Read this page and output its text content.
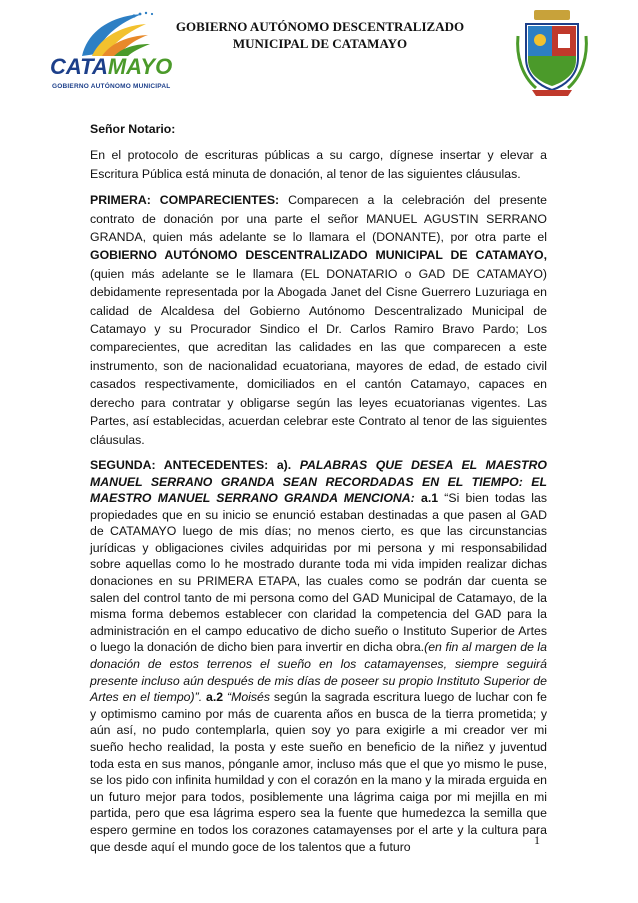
CATAMAYO
GOBIERNO AUTÓNOMO MUNICIPAL
GOBIERNO AUTÓNOMO DESCENTRALIZADO
MUNICIPAL DE CATAMAYO

Señor Notario:

En el protocolo de escrituras públicas a su cargo, dígnese insertar y elevar a Escritura Pública está minuta de donación, al tenor de las siguientes cláusulas.

PRIMERA: COMPARECIENTES: Comparecen a la celebración del presente contrato de donación por una parte el señor MANUEL AGUSTIN SERRANO GRANDA, quien más adelante se lo llamara el (DONANTE), por otra parte el GOBIERNO AUTÓNOMO DESCENTRALIZADO MUNICIPAL DE CATAMAYO, (quien más adelante se le llamara (EL DONATARIO o GAD DE CATAMAYO) debidamente representada por la Abogada Janet del Cisne Guerrero Luzuriaga en calidad de Alcaldesa del Gobierno Autónomo Descentralizado Municipal de Catamayo y su Procurador Sindico el Dr. Carlos Ramiro Bravo Pardo; Los comparecientes, que acreditan las calidades en las que comparecen a este instrumento, son de nacionalidad ecuatoriana, mayores de edad, de estado civil casados respectivamente, domiciliados en el cantón Catamayo, capaces en derecho para contratar y obligarse según las leyes ecuatorianas vigentes. Las Partes, así establecidas, acuerdan celebrar este Contrato al tenor de las siguientes cláusulas.

SEGUNDA: ANTECEDENTES: a). PALABRAS QUE DESEA EL MAESTRO MANUEL SERRANO GRANDA SEAN RECORDADAS EN EL TIEMPO: EL MAESTRO MANUEL SERRANO GRANDA MENCIONA: a.1 “Si bien todas las propiedades que en su inicio se enunció estaban destinadas a que pasen al GAD de CATAMAYO luego de mis días; no menos cierto, es que las circunstancias jurídicas y obligaciones civiles adquiridas por mi persona y mi responsabilidad sobre aquellas como lo he mostrado durante toda mi vida impiden realizar dichas donaciones en su PRIMERA ETAPA, las cuales como se podrán dar cuenta se salen del control tanto de mi persona como del GAD Municipal de Catamayo, de la misma forma debemos establecer con claridad la competencia del GAD para la administración en el campo educativo de dicho sueño o Instituto Superior de Artes o luego la donación de dicho bien para invertir en dicha obra.(en fin al margen de la donación de estos terrenos el sueño en los catamayenses, siempre seguirá presente incluso aún después de mis días de poseer su propio Instituto Superior de Artes en el tiempo)”. a.2 “Moisés según la sagrada escritura luego de luchar con fe y optimismo camino por más de cuarenta años en busca de la tierra prometida; y aún así, no pudo contemplarla, quien soy yo para exigirle a mi creador ver mi sueño hecho realidad, la posta y este sueño en beneficio de la niñez y juventud toda esta en sus manos, pónganle amor, incluso más que el que yo mismo le puse, se los pido con infinita humildad y con el corazón en la mano y la mirada erguida en un futuro mejor para todos, posiblemente una lágrima caiga por mi mejilla en mi partida, pero que esa lágrima espero sea la fuente que humedezca la semilla que espero germine en todos los corazones catamayenses por el arte y la cultura para que desde aquí el mundo goce de los talentos que a futuro	1
